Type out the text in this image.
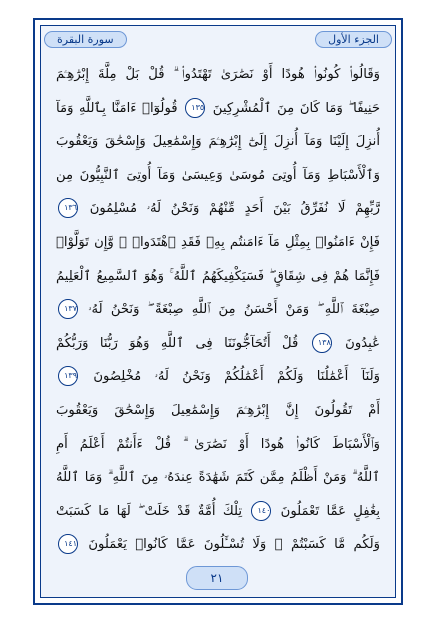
الجزء الأول
سورة البقرة
وَقَالُوا۟ كُونُوا۟ هُودًا أَوْ نَصَٰرَىٰ تَهْتَدُوا۟ ۗ قُلْ بَلْ مِلَّةَ إِبْرَٰهِـۧمَ
حَنِيفًا ۖ وَمَا كَانَ مِنَ ٱلْمُشْرِكِينَ ١٣٥ قُولُوٓا۟ ءَامَنَّا بِٱللَّهِ وَمَآ
أُنزِلَ إِلَيْنَا وَمَآ أُنزِلَ إِلَىٰٓ إِبْرَٰهِـۧمَ وَإِسْمَٰعِيلَ وَإِسْحَٰقَ وَيَعْقُوبَ
وَٱلْأَسْبَاطِ وَمَآ أُوتِىَ مُوسَىٰ وَعِيسَىٰ وَمَآ أُوتِىَ ٱلنَّبِيُّونَ مِن
رَّبِّهِمْ لَا نُفَرِّقُ بَيْنَ أَحَدٍ مِّنْهُمْ وَنَحْنُ لَهُۥ مُسْلِمُونَ ١٣٦
فَإِنْ ءَامَنُوا۟ بِمِثْلِ مَآ ءَامَنتُم بِهِۦ فَقَدِ ٱهْتَدَوا۟ ۖ وَّإِن تَوَلَّوْا۟
فَإِنَّمَا هُمْ فِى شِقَاقٍ ۖ فَسَيَكْفِيكَهُمُ ٱللَّهُ ۚ وَهُوَ ٱلسَّمِيعُ ٱلْعَلِيمُ
صِبْغَةَ ٱللَّهِ ۖ وَمَنْ أَحْسَنُ مِنَ ٱللَّهِ صِبْغَةً ۖ وَنَحْنُ لَهُۥ ١٣٧
عَٰبِدُونَ ١٣٨ قُلْ أَتُحَآجُّونَنَا فِى ٱللَّهِ وَهُوَ رَبُّنَا وَرَبُّكُمْ
وَلَنَآ أَعْمَٰلُنَا وَلَكُمْ أَعْمَٰلُكُمْ وَنَحْنُ لَهُۥ مُخْلِصُونَ ١٣٩
أَمْ تَقُولُونَ إِنَّ إِبْرَٰهِـۧمَ وَإِسْمَٰعِيلَ وَإِسْحَٰقَ وَيَعْقُوبَ
وَٱلْأَسْبَاطَ كَانُوا۟ هُودًا أَوْ نَصَٰرَىٰ ۗ قُلْ ءَأَنتُمْ أَعْلَمُ أَمِ
ٱللَّهُ ۗ وَمَنْ أَظْلَمُ مِمَّن كَتَمَ شَهَٰدَةً عِندَهُۥ مِنَ ٱللَّهِ ۗ وَمَا ٱللَّهُ
بِغَٰفِلٍ عَمَّا تَعْمَلُونَ ١٤٠ تِلْكَ أُمَّةٌ قَدْ خَلَتْ ۖ لَهَا مَا كَسَبَتْ
وَلَكُم مَّا كَسَبْتُمْ ۖ وَلَا تُسْـَٔلُونَ عَمَّا كَانُوا۟ يَعْمَلُونَ ١٤١
٢١
